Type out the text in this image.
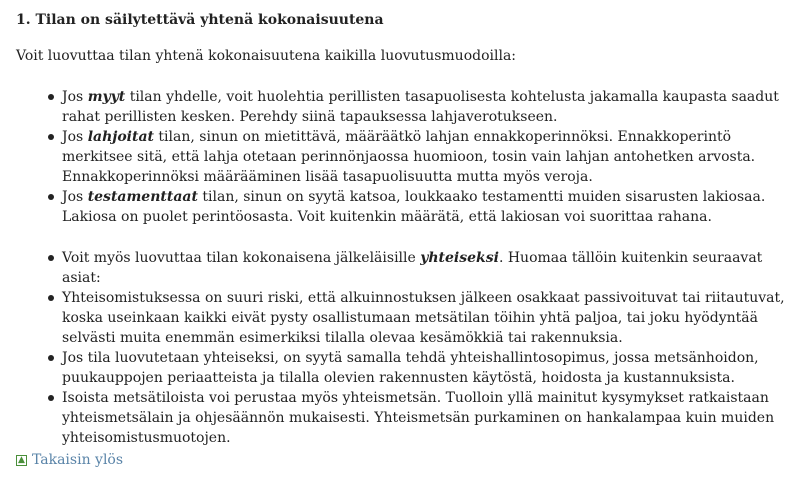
1. Tilan on säilytettävä yhtenä kokonaisuutena

Voit luovuttaa tilan yhtenä kokonaisuutena kaikilla luovutusmuodoilla:

Jos myyt tilan yhdelle, voit huolehtia perillisten tasapuolisesta kohtelusta jakamalla kaupasta saadut rahat perillisten kesken. Perehdy siinä tapauksessa lahjaverotukseen.
Jos lahjoitat tilan, sinun on mietittävä, määräätkö lahjan ennakkoperinnöksi. Ennakkoperintö merkitsee sitä, että lahja otetaan perinnönjaossa huomioon, tosin vain lahjan antohetken arvosta. Ennakkoperinnöksi määrääminen lisää tasapuolisuutta mutta myös veroja.
Jos testamenttaat tilan, sinun on syytä katsoa, loukkaako testamentti muiden sisarusten lakiosaa. Lakiosa on puolet perintöosasta. Voit kuitenkin määrätä, että lakiosan voi suorittaa rahana.
Voit myös luovuttaa tilan kokonaisena jälkeläisille yhteiseksi. Huomaa tällöin kuitenkin seuraavat asiat:
Yhteisomistuksessa on suuri riski, että alkuinnostuksen jälkeen osakkaat passivoituvat tai riitautuvat, koska useinkaan kaikki eivät pysty osallistumaan metsätilan töihin yhtä paljoa, tai joku hyödyntää selvästi muita enemmän esimerkiksi tilalla olevaa kesämökkiä tai rakennuksia.
Jos tila luovutetaan yhteiseksi, on syytä samalla tehdä yhteishallintosopimus, jossa metsänhoidon, puukauppojen periaatteista ja tilalla olevien rakennusten käytöstä, hoidosta ja kustannuksista.
Isoista metsätiloista voi perustaa myös yhteismetsän. Tuolloin yllä mainitut kysymykset ratkaistaan yhteismetsälain ja ohjesäännön mukaisesti. Yhteismetsän purkaminen on hankalampaa kuin muiden yhteisomistusmuotojen.
▲ Takaisin ylös
